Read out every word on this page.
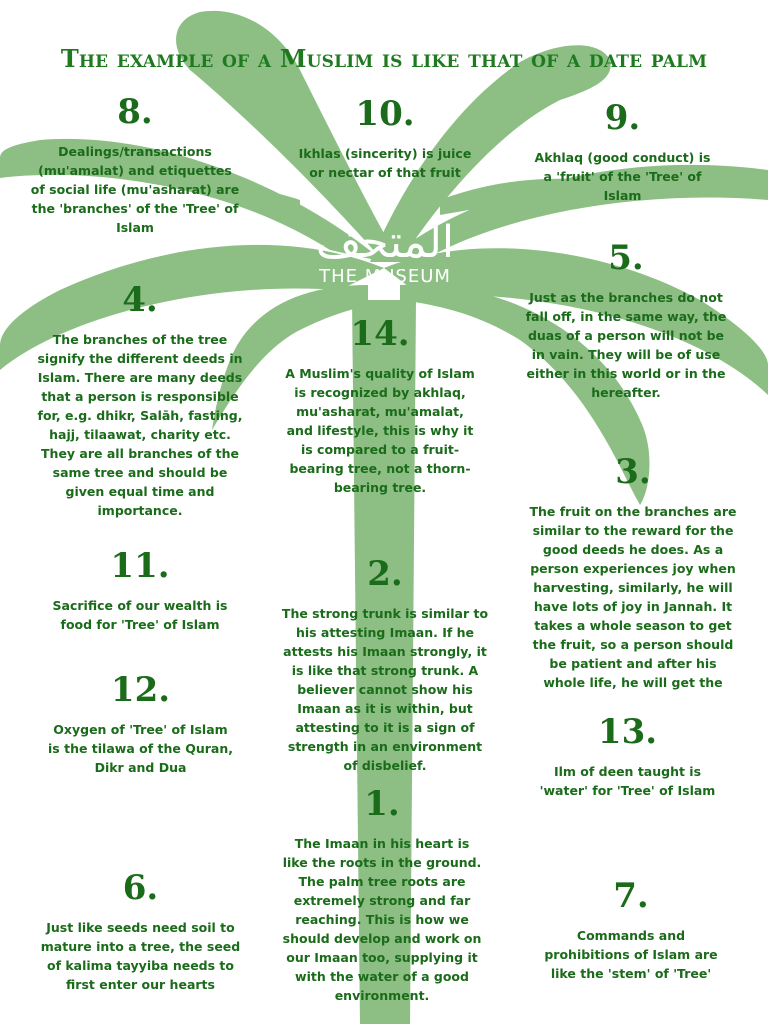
The example of a Muslim is like that of a date palm
المتحف
THE MUSEUM
8.
Dealings/transactions (mu'amalat) and etiquettes of social life (mu'asharat) are the 'branches' of the 'Tree' of Islam
10.
Ikhlas (sincerity) is juice or nectar of that fruit
9.
Akhlaq (good conduct) is a 'fruit' of the 'Tree' of Islam
5.
Just as the branches do not fall off, in the same way, the duas of a person will not be in vain. They will be of use either in this world or in the hereafter.
4.
The branches of the tree signify the different deeds in Islam. There are many deeds that a person is responsible for, e.g. dhikr, Salāh, fasting, hajj, tilaawat, charity etc. They are all branches of the same tree and should be given equal time and importance.
14.
A Muslim's quality of Islam is recognized by akhlaq, mu'asharat, mu'amalat, and lifestyle, this is why it is compared to a fruit-bearing tree, not a thorn-bearing tree.	3.
The fruit on the branches are similar to the reward for the good deeds he does. As a person experiences joy when harvesting, similarly, he will have lots of joy in Jannah. It takes a whole season to get the fruit, so a person should be patient and after his whole life, he will get the
11.
Sacrifice of our wealth is food for 'Tree' of Islam
2.
The strong trunk is similar to his attesting Imaan. If he attests his Imaan strongly, it is like that strong trunk. A believer cannot show his Imaan as it is within, but attesting to it is a sign of strength in an environment of disbelief.
12.
Oxygen of 'Tree' of Islam is the tilawa of the Quran, Dikr and Dua
13.
Ilm of deen taught is 'water' for 'Tree' of Islam
1.
The Imaan in his heart is like the roots in the ground. The palm tree roots are extremely strong and far reaching. This is how we should develop and work on our Imaan too, supplying it with the water of a good environment.
6.
Just like seeds need soil to mature into a tree, the seed of kalima tayyiba needs to first enter our hearts
7.
Commands and prohibitions of Islam are like the 'stem' of 'Tree'
